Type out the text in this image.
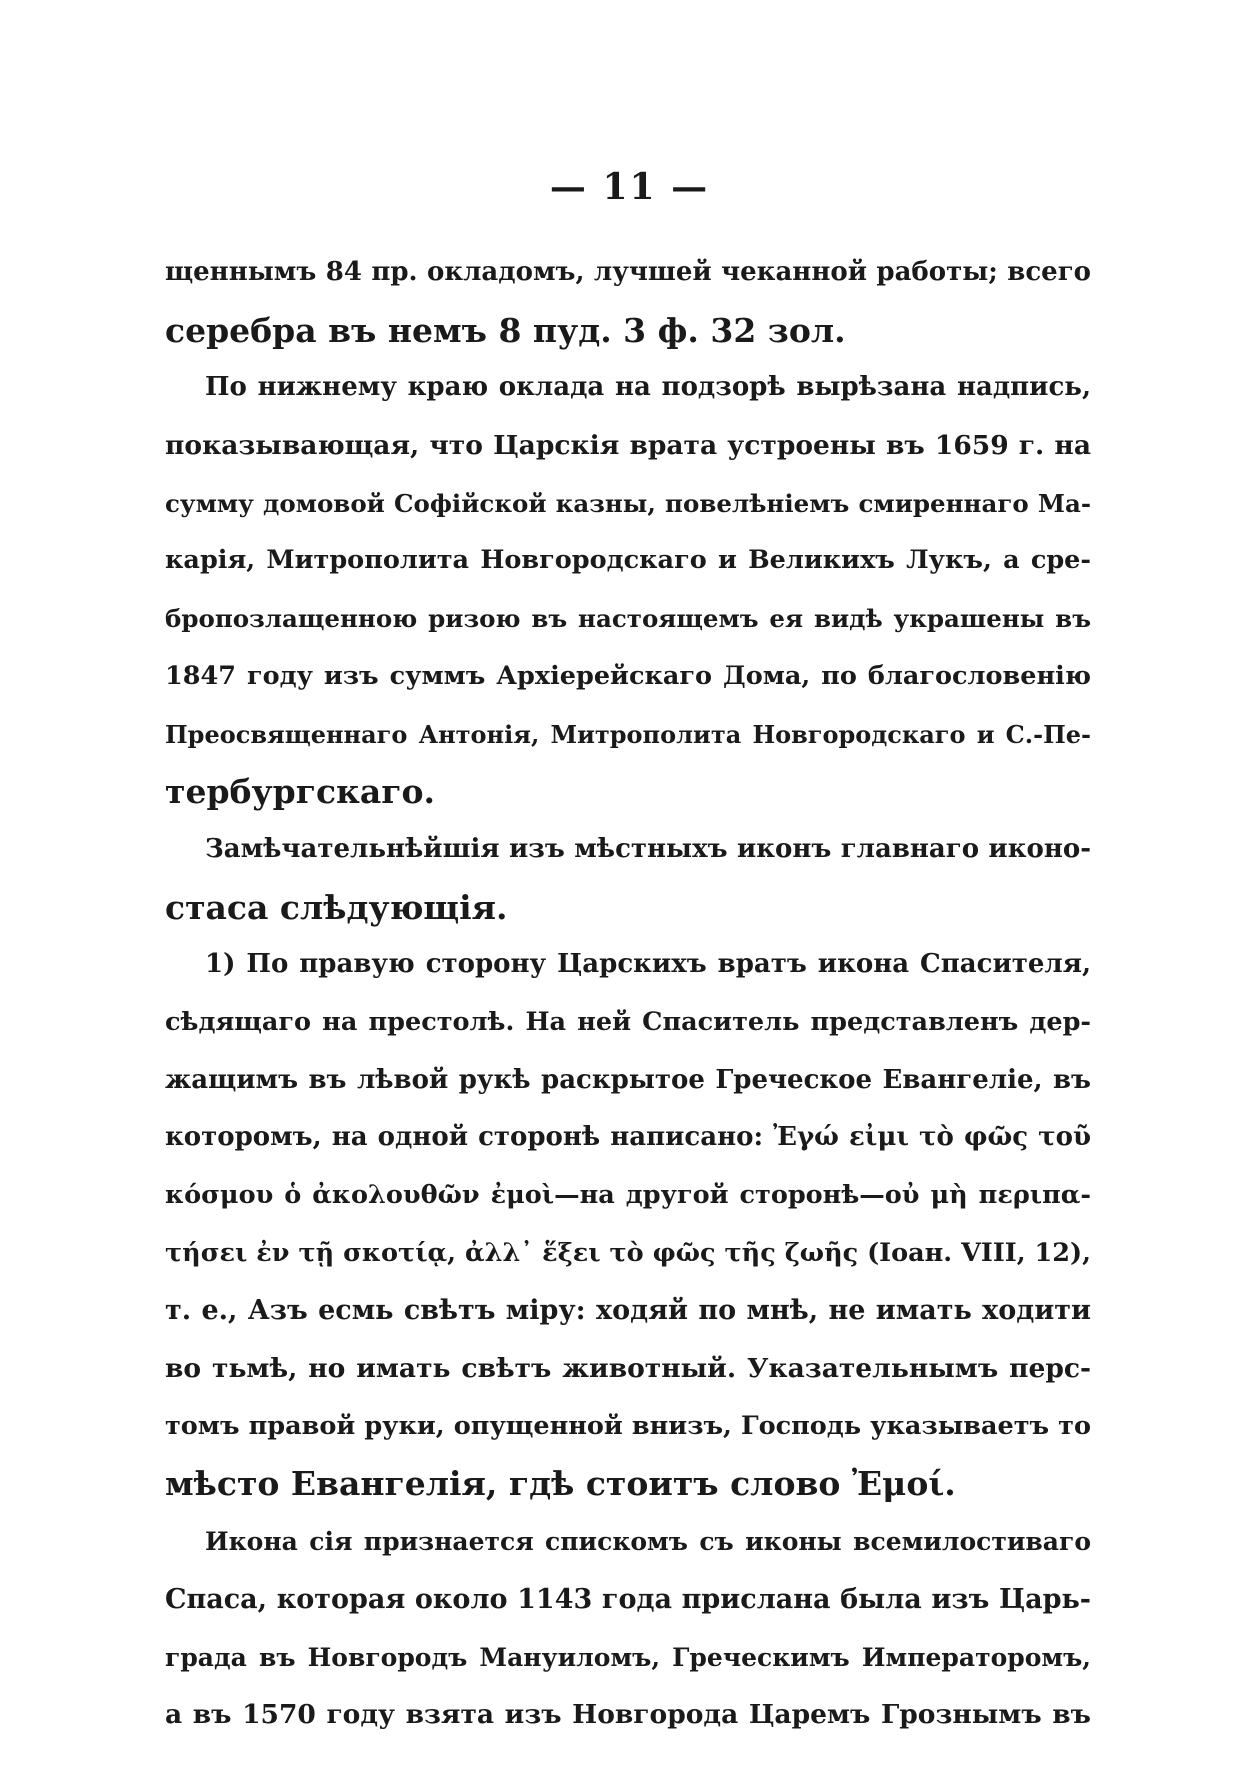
— 11 —
щеннымъ 84 пр. окладомъ, лучшей чеканной работы; всего
серебра въ немъ 8 пуд. 3 ф. 32 зол.
По нижнему краю оклада на подзорѣ вырѣзана надпись,
показывающая, что Царскія врата устроены въ 1659 г. на
сумму домовой Софійской казны, повелѣніемъ смиреннаго Ма-
карія, Митрополита Новгородскаго и Великихъ Лукъ, а сре-
бропозлащенною ризою въ настоящемъ ея видѣ украшены въ
1847 году изъ суммъ Архіерейскаго Дома, по благословенію
Преосвященнаго Антонія, Митрополита Новгородскаго и С.-Пе-
тербургскаго.
Замѣчательнѣйшія изъ мѣстныхъ иконъ главнаго иконо-
стаса слѣдующія.
1) По правую сторону Царскихъ вратъ икона Спасителя,
сѣдящаго на престолѣ. На ней Спаситель представленъ дер-
жащимъ въ лѣвой рукѣ раскрытое Греческое Евангеліе, въ
которомъ, на одной сторонѣ написано: Ἐγώ εἰμι τὸ φῶς τοῦ
κόσμου ὁ ἀκολουθῶν ἐμοὶ—на другой сторонѣ—οὐ μὴ περιπα-
τήσει ἐν τῇ σκοτίᾳ, ἀλλ᾽ ἕξει τὸ φῶς τῆς ζωῆς (Іоан. VIII, 12),
т. е., Азъ есмь свѣтъ міру: ходяй по мнѣ, не имать ходити
во тьмѣ, но имать свѣтъ животный. Указательнымъ перс-
томъ правой руки, опущенной внизъ, Господь указываетъ то
мѣсто Евангелія, гдѣ стоитъ слово Ἐμοί.
Икона сія признается спискомъ съ иконы всемилостиваго
Спаса, которая около 1143 года прислана была изъ Царь-
града въ Новгородъ Мануиломъ, Греческимъ Императоромъ,
а въ 1570 году взята изъ Новгорода Царемъ Грознымъ въ
